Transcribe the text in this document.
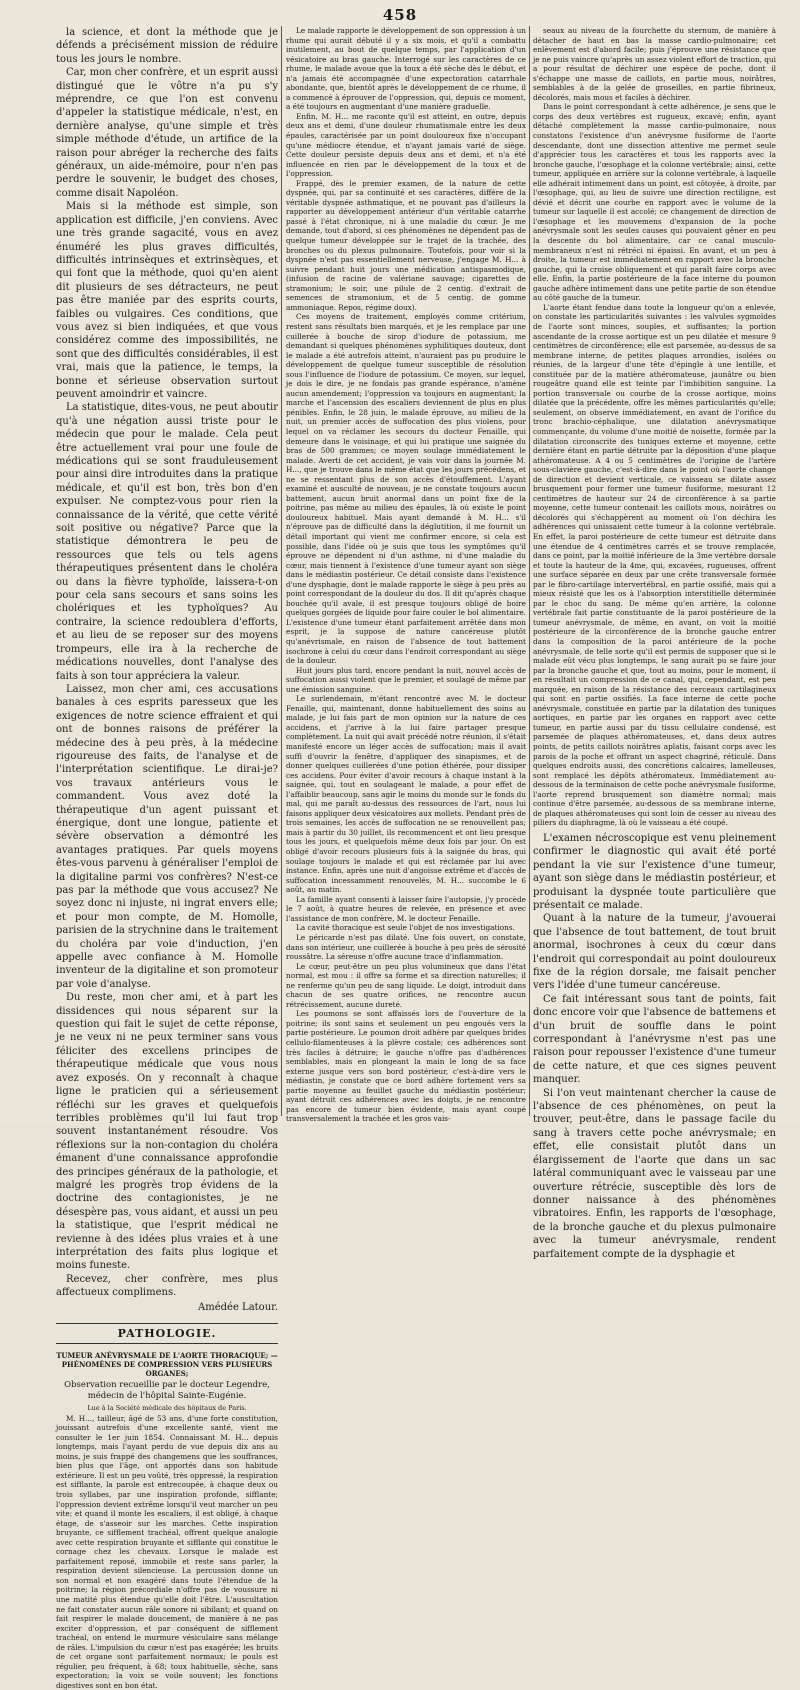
458

la science, et dont la méthode que je défends a précisément mission de réduire tous les jours le nombre.

Car, mon cher confrère, et un esprit aussi distingué que le vôtre n'a pu s'y méprendre, ce que l'on est convenu d'appeler la statistique médicale, n'est, en dernière analyse, qu'une simple et très simple méthode d'étude, un artifice de la raison pour abréger la recherche des faits généraux, un aide-mémoire, pour n'en pas perdre le souvenir, le budget des choses, comme disait Napoléon.

Mais si la méthode est simple, son application est difficile, j'en conviens. Avec une très grande sagacité, vous en avez énuméré les plus graves difficultés, difficultés intrinsèques et extrinsèques, et qui font que la méthode, quoi qu'en aient dit plusieurs de ses détracteurs, ne peut pas être maniée par des esprits courts, faibles ou vulgaires. Ces conditions, que vous avez si bien indiquées, et que vous considérez comme des impossibilités, ne sont que des difficultés considérables, il est vrai, mais que la patience, le temps, la bonne et sérieuse observation surtout peuvent amoindrir et vaincre.

La statistique, dites-vous, ne peut aboutir qu'à une négation aussi triste pour le médecin que pour le malade. Cela peut être actuellement vrai pour une foule de médications qui se sont frauduleusement pour ainsi dire introduites dans la pratique médicale, et qu'il est bon, très bon d'en expulser. Ne comptez-vous pour rien la connaissance de la vérité, que cette vérité soit positive ou négative? Parce que la statistique démontrera le peu de ressources que tels ou tels agens thérapeutiques présentent dans le choléra ou dans la fièvre typhoïde, laissera-t-on pour cela sans secours et sans soins les cholériques et les typhoïques? Au contraire, la science redoublera d'efforts, et au lieu de se reposer sur des moyens trompeurs, elle ira à la recherche de médications nouvelles, dont l'analyse des faits à son tour appréciera la valeur.

Laissez, mon cher ami, ces accusations banales à ces esprits paresseux que les exigences de notre science effraient et qui ont de bonnes raisons de préférer la médecine des à peu près, à la médecine rigoureuse des faits, de l'analyse et de l'interprétation scientifique. Le dirai-je? vos travaux antérieurs vous le commandent. Vous avez doté la thérapeutique d'un agent puissant et énergique, dont une longue, patiente et sévère observation a démontré les avantages pratiques. Par quels moyens êtes-vous parvenu à généraliser l'emploi de la digitaline parmi vos confrères? N'est-ce pas par la méthode que vous accusez? Ne soyez donc ni injuste, ni ingrat envers elle; et pour mon compte, de M. Homolle, parisien de la strychnine dans le traitement du choléra par voie d'induction, j'en appelle avec confiance à M. Homolle inventeur de la digitaline et son promoteur par voie d'analyse.

Du reste, mon cher ami, et à part les dissidences qui nous séparent sur la question qui fait le sujet de cette réponse, je ne veux ni ne peux terminer sans vous féliciter des excellens principes de thérapeutique médicale que vous nous avez exposés. On y reconnaît à chaque ligne le praticien qui a sérieusement réfléchi sur les graves et quelquefois terribles problèmes qu'il lui faut trop souvent instantanément résoudre. Vos réflexions sur la non-contagion du choléra émanent d'une connaissance approfondie des principes généraux de la pathologie, et malgré les progrès trop évidens de la doctrine des contagionistes, je ne désespère pas, vous aidant, et aussi un peu la statistique, que l'esprit médical ne revienne à des idées plus vraies et à une interprétation des faits plus logique et moins funeste.

Recevez, cher confrère, mes plus affectueux complimens.

Amédée Latour.
PATHOLOGIE.
TUMEUR ANÉVRYSMALE DE L'AORTE THORACIQUE; — PHÉNOMÈNES DE COMPRESSION VERS PLUSIEURS ORGANES;
Observation recueillie par le docteur Legendre, médecin de l'hôpital Sainte-Eugénie.
Lue à la Société médicale des hôpitaux de Paris.

M. H..., tailleur, âgé de 53 ans, d'une forte constitution, jouissant autrefois d'une excellente santé, vient me consulter le 1er juin 1854. Connaissant M. H... depuis longtemps, mais l'ayant perdu de vue depuis dix ans au moins, je suis frappé des changemens que les souffrances, bien plus que l'âge, ont apportés dans son habitude extérieure. Il est un peu voûté, très oppressé, la respiration est sifflante, la parole est entrecoupée, à chaque deux ou trois syllabes, par une inspiration profonde, sifflante; l'oppression devient extrême lorsqu'il veut marcher un peu vite; et quand il monte les escaliers, il est obligé, à chaque étage, de s'asseoir sur les marches. Cette inspiration bruyante, ce sifflement trachéal, offrent quelque analogie avec cette respiration bruyante et sifflante qui constitue le cornage chez les chevaux. Lorsque le malade est parfaitement reposé, immobile et reste sans parler, la respiration devient silencieuse. La percussion donne un son normal et non exagéré dans toute l'étendue de la poitrine; la région précordiale n'offre pas de voussure ni une matité plus étendue qu'elle doit l'être. L'auscultation ne fait constater aucun râle sonore ni sibilant; et quand on fait respirer le malade doucement, de manière à ne pas exciter d'oppression, et par conséquent de sifflement trachéal, on entend le murmure vésiculaire sans mélange de râles. L'impulsion du cœur n'est pas exagérée; les bruits de cet organe sont parfaitement normaux; le pouls est régulier, peu fréquent, à 68; toux habituelle, sèche, sans expectoration; la voix se voile souvent; les fonctions digestives sont en bon état.

Le malade rapporte le développement de son oppression à un rhume qui aurait débuté il y a six mois, et qu'il a combattu inutilement, au bout de quelque temps, par l'application d'un vésicatoire au bras gauche. Interrogé sur les caractères de ce rhume, le malade avoue que la toux a été sèche dès le début, et n'a jamais été accompagnée d'une expectoration catarrhale abondante, que, bientôt après le développement de ce rhume, il a commencé à éprouver de l'oppression, qui, depuis ce moment, a été toujours en augmentant d'une manière graduelle.

Enfin, M. H... me raconte qu'il est atteint, en outre, depuis deux ans et demi, d'une douleur rhumatismale entre les deux épaules, caractérisée par un point douloureux fixe n'occupant qu'une médiocre étendue, et n'ayant jamais varié de siège. Cette douleur persiste depuis deux ans et demi, et n'a été influencée en rien par le développement de la toux et de l'oppression.

Frappé, dès le premier examen, de la nature de cette dyspnée, qui, par sa continuité et ses caractères, différe de la véritable dyspnée asthmatique, et ne pouvant pas d'ailleurs la rapporter au développement antérieur d'un véritable catarrhe passé à l'état chronique, ni à une maladie du cœur. Je me demande, tout d'abord, si ces phénomènes ne dépendent pas de quelque tumeur développée sur le trajet de la trachée, des bronches ou du plexus pulmonaire. Toutefois, pour voir si la dyspnée n'est pas essentiellement nerveuse, j'engage M. H... à suivre pendant huit jours une médication antispasmodique, (infusion de racine de valériane sauvage; cigarettes de stramonium; le soir, une pilule de 2 centig. d'extrait de semences de stramonium, et de 5 centig. de gomme ammoniaque. Repos, régime doux).

Ces moyens de traitement, employés comme critérium, restent sans résultats bien marqués, et je les remplace par une cuillerée à bouche de sirop d'iodure de potassium, me demandant si quelques phénomènes syphilitiques douteux, dont le malade a été autrefois atteint, n'auraient pas pu produire le développement de quelque tumeur susceptible de résolution sous l'influence de l'iodure de potassium. Ce moyen, sur lequel, je dois le dire, je ne fondais pas grande espérance, n'amène aucun amendement; l'oppression va toujours en augmentant; la marche et l'ascension des escaliers deviennent de plus en plus pénibles. Enfin, le 28 juin, le malade éprouve, au milieu de la nuit, un premier accès de suffocation des plus violens, pour lequel on va réclamer les secours du docteur Fenaille, qui demeure dans le voisinage, et qui lui pratique une saignée du bras de 500 grammes; ce moyen soulage immédiatement le malade. Averti de cet accident, je vais voir dans la journée M. H..., que je trouve dans le même état que les jours précédens, et ne se ressentant plus de son accès d'étouffement. L'ayant examiné et ausculté de nouveau, je ne constate toujours aucun battement, aucun bruit anormal dans un point fixe de la poitrine, pas même au milieu des épaules, là où existe le point douloureux habituel. Mais ayant demandé à M. H... s'il n'éprouve pas de difficulté dans la déglutition, il me fournit un détail important qui vient me confirmer encore, si cela est possible, dans l'idée où je suis que tous les symptômes qu'il éprouve ne dépendent ni d'un asthme, ni d'une maladie du cœur, mais tiennent à l'existence d'une tumeur ayant son siège dans le médiastin postérieur. Ce détail consiste dans l'existence d'une dysphagie, dont le malade rapporte le siège à peu près au point correspondant de la douleur du dos. Il dit qu'après chaque bouchée qu'il avale, il est presque toujours obligé de boire quelques gorgées de liquide pour faire couler le bol alimentaire. L'existence d'une tumeur étant parfaitement arrêtée dans mon esprit, je la suppose de nature cancéreuse plutôt qu'anévrismale, en raison de l'absence de tout battement isochrone à celui du cœur dans l'endroit correspondant au siège de la douleur.

Huit jours plus tard, encore pendant la nuit, nouvel accès de suffocation aussi violent que le premier, et soulagé de même par une émission sanguine.

Le surlendemain, m'étant rencontré avec M. le docteur Fenaille, qui, maintenant, donne habituellement des soins au malade, je lui fais part de mon opinion sur la nature de ces accidens, et j'arrive à la lui faire partager presque complètement. La nuit qui avait précédé notre réunion, il s'était manifesté encore un léger accès de suffocation; mais il avait suffi d'ouvrir la fenêtre, d'appliquer des sinapismes, et de donner quelques cuillerées d'une potion éthérée, pour dissiper ces accidens. Pour éviter d'avoir recours à chaque instant à la saignée, qui, tout en soulageant le malade, a pour effet de l'affaiblir beaucoup, sans agir le moins du monde sur le fonds du mal, qui me paraît au-dessus des ressources de l'art, nous lui faisons appliquer deux vésicatoires aux mollets. Pendant près de trois semaines, les accès de suffocation ne se renouvellent pas; mais à partir du 30 juillet, ils recommencent et ont lieu presque tous les jours, et quelquefois même deux fois par jour. On est obligé d'avoir recours plusieurs fois à la saignée du bras, qui soulage toujours le malade et qui est réclamée par lui avec instance. Enfin, après une nuit d'angoisse extrême et d'accès de suffocation incessamment renouvelés, M. H... succombe le 6 août, au matin.

La famille ayant consenti à laisser faire l'autopsie, j'y procède le 7 août, à quatre heures de relevée, en présence et avec l'assistance de mon confrère, M. le docteur Fenaille.

La cavité thoracique est seule l'objet de nos investigations.

Le péricarde n'est pas dilaté. Une fois ouvert, on constate, dans son intérieur, une cuillerée à bouche à peu près de sérosité roussâtre. La séreuse n'offre aucune trace d'inflammation.

Le cœur, peut-être un peu plus volumineux que dans l'état normal, est mou : il offre sa forme et sa direction naturelles; il ne renferme qu'un peu de sang liquide. Le doigt, introduit dans chacun de ses quatre orifices, ne rencontre aucun rétrécissement, aucune dureté.

Les poumons se sont affaissés lors de l'ouverture de la poitrine; ils sont sains et seulement un peu engoués vers la partie postérieure. Le poumon droit adhère par quelques brides cellulo-filamenteuses à la plèvre costale; ces adhérences sont très faciles à détruire; le gauche n'offre pas d'adhérences semblables, mais en plongeant la main le long de sa face externe jusque vers son bord postérieur, c'est-à-dire vers le médiastin, je constate que ce bord adhère fortement vers sa partie moyenne au feuillet gauche du médiastin postérieur; ayant détruit ces adhérences avec les doigts, je ne rencontre pas encore de tumeur bien évidente, mais ayant coupé transversalement la trachée et les gros vais-

seaux au niveau de la fourchette du sternum, de manière à détacher de haut en bas la masse cardio-pulmonaire; cet enlèvement est d'abord facile; puis j'éprouve une résistance que je ne puis vaincre qu'après un assez violent effort de traction, qui a pour résultat de déchirer une espèce de poche, dont il s'échappe une masse de caillots, en partie mous, noirâtres, semblables à de la gelée de groseilles, en partie fibrineux, décolorés, mais mous et faciles à déchirer.

Dans le point correspondant à cette adhérence, je sens que le corps des deux vertèbres est rugueux, excavé; enfin, ayant détaché complètement la masse cardio-pulmonaire, nous constatons l'existence d'un anévrysme fusiforme de l'aorte descendante, dont une dissection attentive me permet seule d'apprécier tous les caractères et tous les rapports avec la bronche gauche, l'œsophage et la colonne vertébrale; ainsi, cette tumeur, appliquée en arrière sur la colonne vertébrale, à laquelle elle adhérait intimement dans un point, est côtoyée, à droite, par l'œsophage, qui, au lieu de suivre une direction rectiligne, est dévié et décrit une courbe en rapport avec le volume de la tumeur sur laquelle il est accolé; ce changement de direction de l'œsophage et les mouvemens d'expansion de la poche anévrysmale sont les seules causes qui pouvaient gêner en peu la descente du bol alimentaire, car ce canal musculo-membraneux n'est ni rétréci ni épaissi. En avant, et un peu à droite, la tumeur est immédiatement en rapport avec la bronche gauche, qui la croise obliquement et qui paraît faire corps avec elle. Enfin, la partie postérieure de la face interne du poumon gauche adhère intimement dans une petite partie de son étendue au côté gauche de la tumeur.

L'aorte étant fendue dans toute la longueur qu'on a enlevée, on constate les particularités suivantes : les valvules sygmoïdes de l'aorte sont minces, souples, et suffisantes; la portion ascendante de la crosse aortique est un peu dilatée et mesure 9 centimètres de circonférence; elle est parsemée, au-dessus de sa membrane interne, de petites plaques arrondies, isolées ou réunies, de la largeur d'une tête d'épingle à une lentille, et constituée par de la matière athéromateuse, jaunâtre ou bien rougeâtre quand elle est teinte par l'imbibition sanguine. La portion transversale ou courbe de la crosse aortique, moins dilatée que la précédente, offre les mêmes particularités qu'elle; seulement, on observe immédiatement, en avant de l'orifice du tronc brachio-céphalique, une dilatation anévrysmatique commençante, du volume d'une moitié de noisette, formée par la dilatation circonscrite des tuniques externe et moyenne, cette dernière étant en partie détruite par la déposition d'une plaque athéromateuse. A 4 ou 5 centimètres de l'origine de l'artère sous-clavière gauche, c'est-à-dire dans le point où l'aorte change de direction et devient verticale, ce vaisseau se dilate assez brusquement pour former une tumeur fusiforme, mesurant 12 centimètres de hauteur sur 24 de circonférence à sa partie moyenne, cette tumeur contenait les caillots mous, noirâtres ou décolorés qui s'échappèrent au moment où l'on déchira les adhérences qui unissaient cette tumeur à la colonne vertébrale. En effet, la paroi postérieure de cette tumeur est détruite dans une étendue de 4 centimètres carrés et se trouve remplacée, dans ce point, par la moitié inférieure de la 3me vertèbre dorsale et toute la hauteur de la 4me, qui, excavées, rugueuses, offrent une surface séparée en deux par une crête transversale formée par le fibro-cartilage intervertébral, en partie ossifié, mais qui a mieux résisté que les os à l'absorption interstitielle déterminée par le choc du sang. De même qu'en arrière, la colonne vertébrale fait partie constituante de la paroi postérieure de la tumeur anévrysmale, de même, en avant, on voit la moitié postérieure de la circonférence de la bronche gauche entrer dans la composition de la paroi antérieure de la poche anévrysmale, de telle sorte qu'il est permis de supposer que si le malade eût vécu plus longtemps, le sang aurait pu se faire jour par la bronche gauche et que, tout au moins, pour le moment, il en résultait un compression de ce canal, qui, cependant, est peu marquée, en raison de la résistance des cerceaux cartilagineux qui sont en partie ossifiés. La face interne de cette poche anévrysmale, constituée en partie par la dilatation des tuniques aortiques, en partie par les organes en rapport avec cette tumeur, en partie aussi par du tissu cellulaire condensé, est parsemée de plaques athéromateuses, et, dans deux autres points, de petits caillots noirâtres aplatis, faisant corps avec les parois de la poche et offrant un aspect chagriné, réticulé. Dans quelques endroits aussi, des concrétions calcaires, lamelleuses, sont remplacé les dépôts athéromateux. Immédiatement au-dessous de la terminaison de cette poche anévrysmale fusiforme, l'aorte reprend brusquement son diamètre normal; mais continue d'être parsemée, au-dessous de sa membrane interne, de plaques athéromateuses qui sont loin de cesser au niveau des piliers du diaphragme, là où le vaisseau a été coupé.

L'examen nécroscopique est venu pleinement confirmer le diagnostic qui avait été porté pendant la vie sur l'existence d'une tumeur, ayant son siège dans le médiastin postérieur, et produisant la dyspnée toute particulière que présentait ce malade.

Quant à la nature de la tumeur, j'avouerai que l'absence de tout battement, de tout bruit anormal, isochrones à ceux du cœur dans l'endroit qui correspondait au point douloureux fixe de la région dorsale, me faisait pencher vers l'idée d'une tumeur cancéreuse.

Ce fait intéressant sous tant de points, fait donc encore voir que l'absence de battemens et d'un bruit de souffle dans le point correspondant à l'anévrysme n'est pas une raison pour repousser l'existence d'une tumeur de cette nature, et que ces signes peuvent manquer.

Si l'on veut maintenant chercher la cause de l'absence de ces phénomènes, on peut la trouver, peut-être, dans le passage facile du sang à travers cette poche anévrysmale; en effet, elle consistait plutôt dans un élargissement de l'aorte que dans un sac latéral communiquant avec le vaisseau par une ouverture rétrécie, susceptible dès lors de donner naissance à des phénomènes vibratoires. Enfin, les rapports de l'œsophage, de la bronche gauche et du plexus pulmonaire avec la tumeur anévrysmale, rendent parfaitement compte de la dysphagie et
